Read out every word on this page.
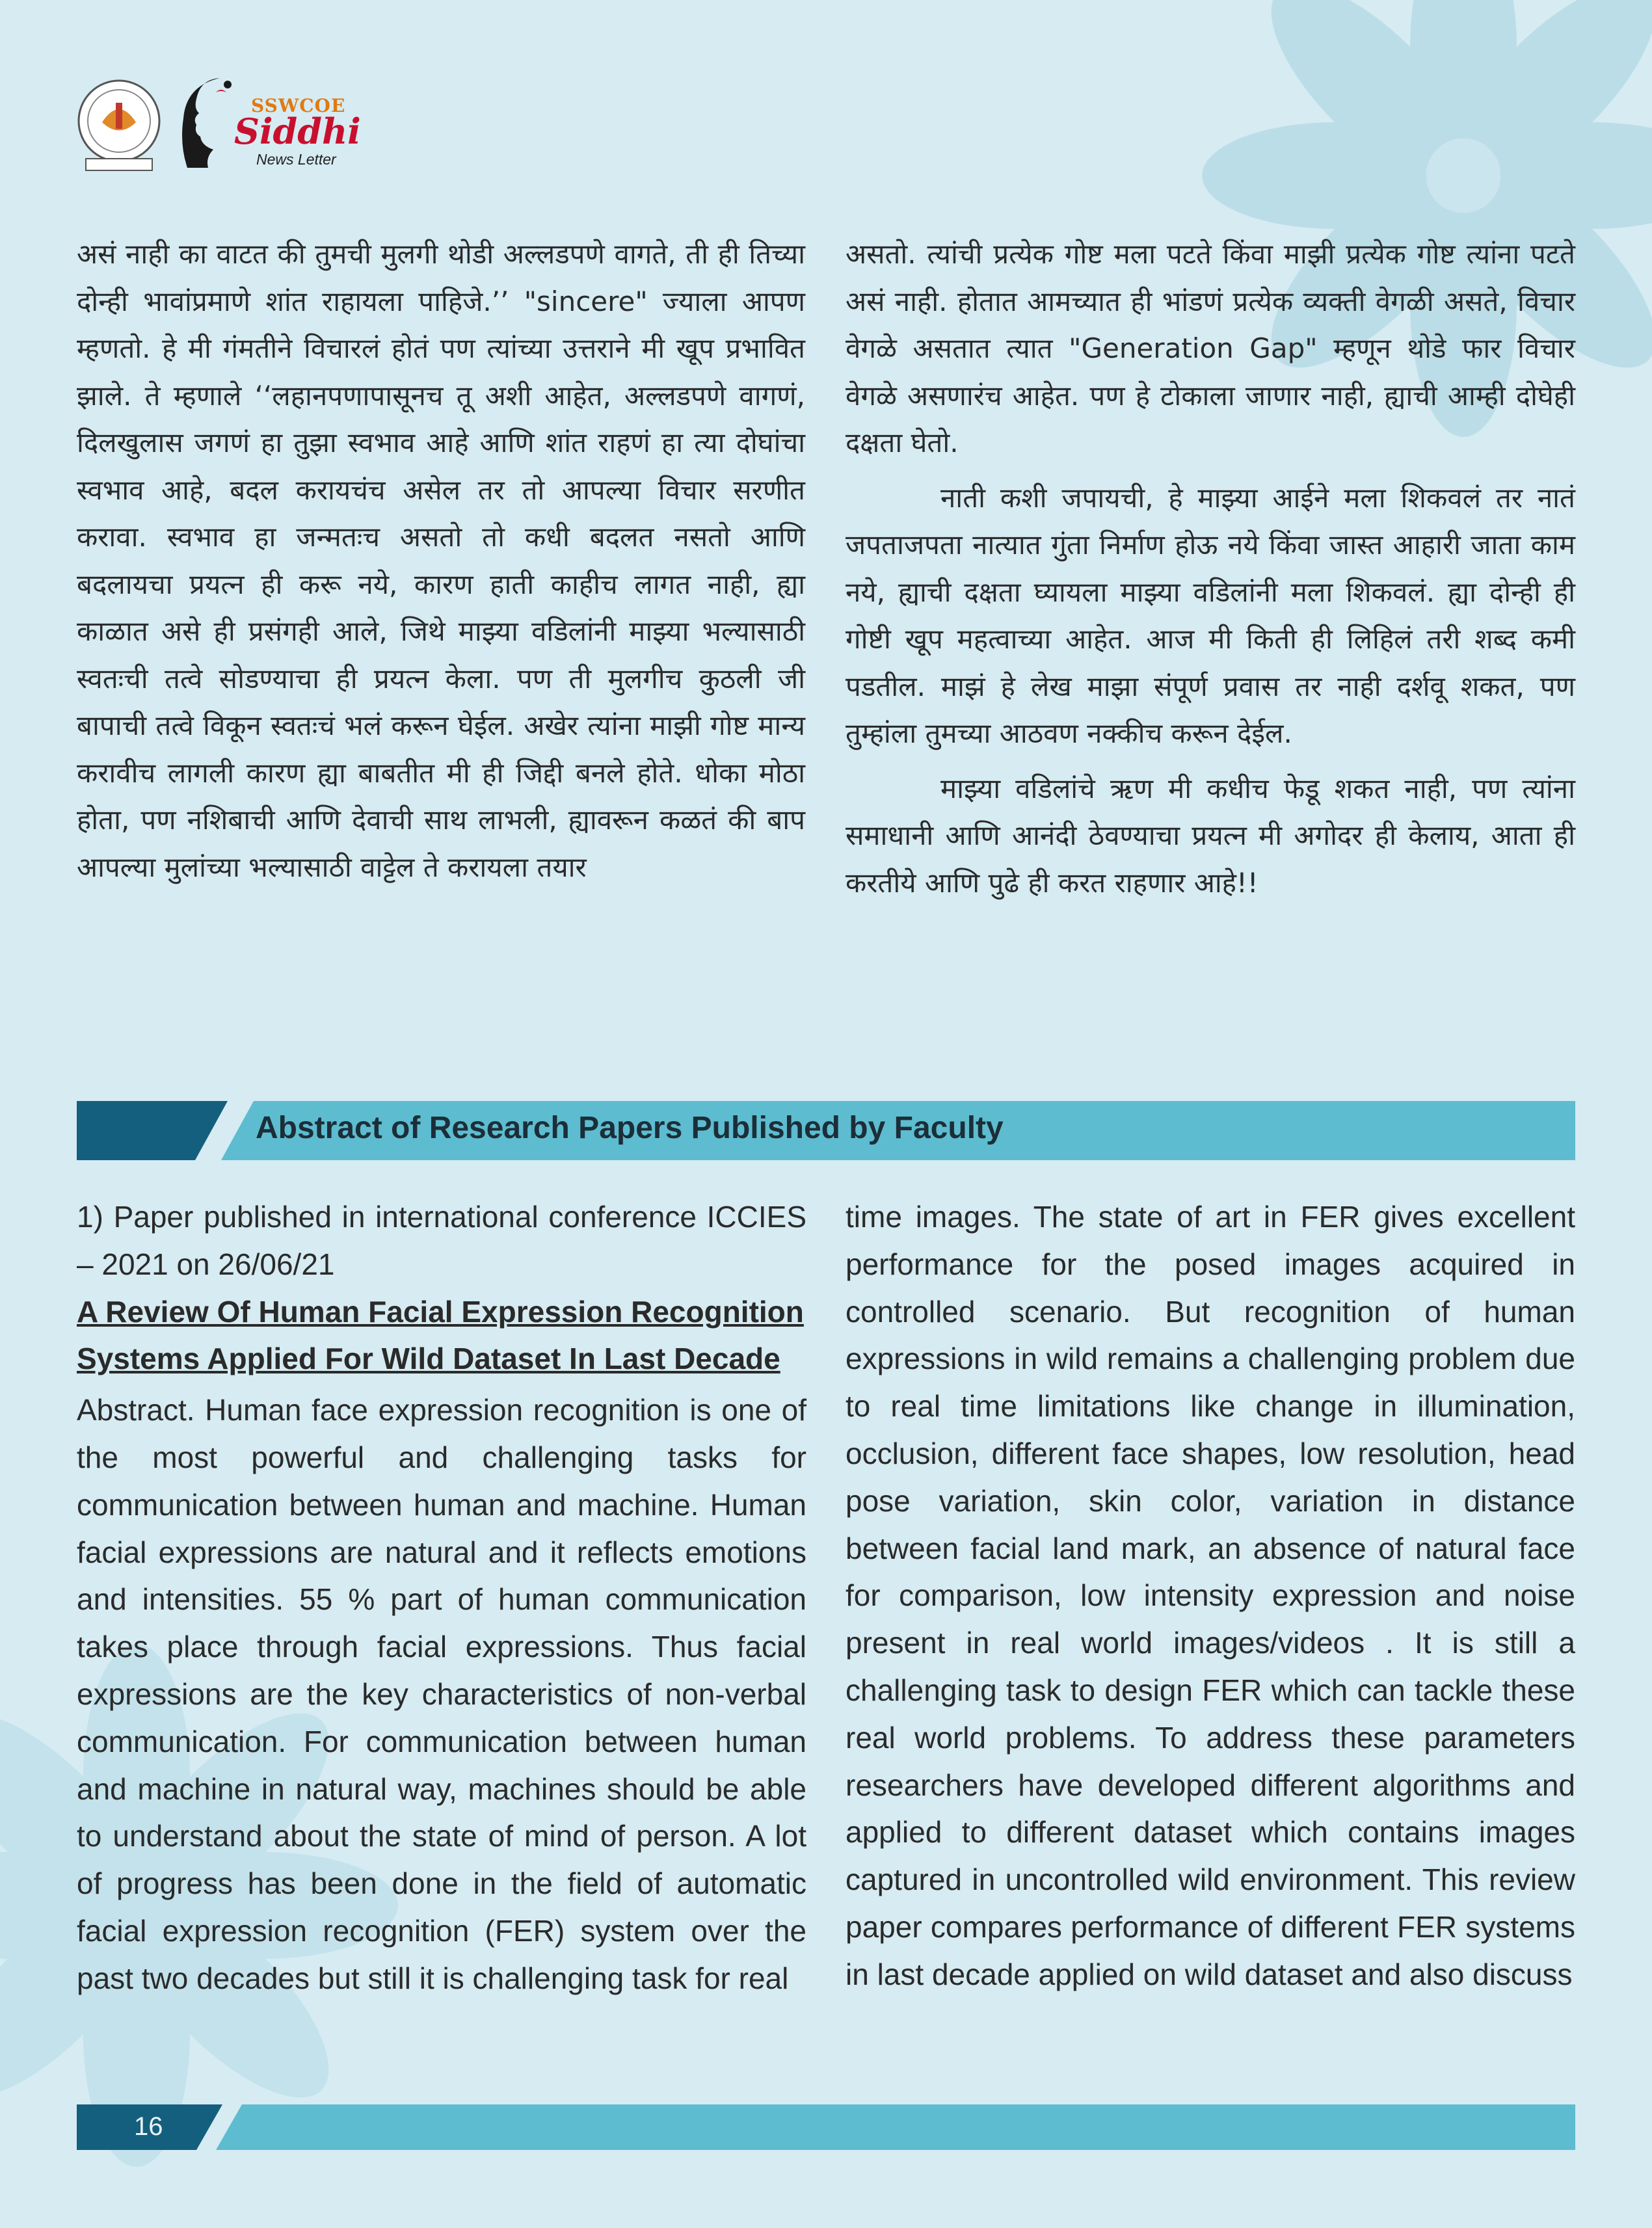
SSWCOE
Siddhi
News Letter

असं नाही का वाटत की तुमची मुलगी थोडी अल्लडपणे वागते, ती ही तिच्या दोन्ही भावांप्रमाणे शांत राहायला पाहिजे.’’ "sincere" ज्याला आपण म्हणतो. हे मी गंमतीने विचारलं होतं पण त्यांच्या उत्तराने मी खूप प्रभावित झाले. ते म्हणाले ‘‘लहानपणापासूनच तू अशी आहेत, अल्लडपणे वागणं, दिलखुलास जगणं हा तुझा स्वभाव आहे आणि शांत राहणं हा त्या दोघांचा स्वभाव आहे, बदल करायचंच असेल तर तो आपल्या विचार सरणीत करावा. स्वभाव हा जन्मतःच असतो तो कधी बदलत नसतो आणि बदलायचा प्रयत्न ही करू नये, कारण हाती काहीच लागत नाही, ह्या काळात असे ही प्रसंगही आले, जिथे माझ्या वडिलांनी माझ्या भल्यासाठी स्वतःची तत्वे सोडण्याचा ही प्रयत्न केला. पण ती मुलगीच कुठली जी बापाची तत्वे विकून स्वतःचं भलं करून घेईल. अखेर त्यांना माझी गोष्ट मान्य करावीच लागली कारण ह्या बाबतीत मी ही जिद्दी बनले होते. धोका मोठा होता, पण नशिबाची आणि देवाची साथ लाभली, ह्यावरून कळतं की बाप आपल्या मुलांच्या भल्यासाठी वाट्टेल ते करायला तयार

असतो. त्यांची प्रत्येक गोष्ट मला पटते किंवा माझी प्रत्येक गोष्ट त्यांना पटते असं नाही. होतात आमच्यात ही भांडणं प्रत्येक व्यक्ती वेगळी असते, विचार वेगळे असतात त्यात "Generation Gap" म्हणून थोडे फार विचार वेगळे असणारंच आहेत. पण हे टोकाला जाणार नाही, ह्याची आम्ही दोघेही दक्षता घेतो.

नाती कशी जपायची, हे माझ्या आईने मला शिकवलं तर नातं जपताजपता नात्यात गुंता निर्माण होऊ नये किंवा जास्त आहारी जाता काम नये, ह्याची दक्षता घ्यायला माझ्या वडिलांनी मला शिकवलं. ह्या दोन्ही ही गोष्टी खूप महत्वाच्या आहेत. आज मी किती ही लिहिलं तरी शब्द कमी पडतील. माझं हे लेख माझा संपूर्ण प्रवास तर नाही दर्शवू शकत, पण तुम्हांला तुमच्या आठवण नक्कीच करून देईल.

माझ्या वडिलांचे ऋण मी कधीच फेडू शकत नाही, पण त्यांना समाधानी आणि आनंदी ठेवण्याचा प्रयत्न मी अगोदर ही केलाय, आता ही करतीये आणि पुढे ही करत राहणार आहे!!

Abstract of Research Papers Published by Faculty

1) Paper published in international conference ICCIES – 2021 on 26/06/21

A Review Of Human Facial Expression Recognition Systems Applied For Wild Dataset In Last Decade

Abstract. Human face expression recognition is one of the most powerful and challenging tasks for communication between human and machine. Human facial expressions are natural and it reflects emotions and intensities. 55 % part of human communication takes place through facial expressions. Thus facial expressions are the key characteristics of non-verbal communication. For communication between human and machine in natural way, machines should be able to understand about the state of mind of person. A lot of progress has been done in the field of automatic facial expression recognition (FER) system over the past two decades but still it is challenging task for real

time images. The state of art in FER gives excellent performance for the posed images acquired in controlled scenario. But recognition of human expressions in wild remains a challenging problem due to real time limitations like change in illumination, occlusion, different face shapes, low resolution, head pose variation, skin color, variation in distance between facial land mark, an absence of natural face for comparison, low intensity expression and noise present in real world images/videos . It is still a challenging task to design FER which can tackle these real world problems. To address these parameters researchers have developed different algorithms and applied to different dataset which contains images captured in uncontrolled wild environment. This review paper compares performance of different FER systems in last decade applied on wild dataset and also discuss

16
